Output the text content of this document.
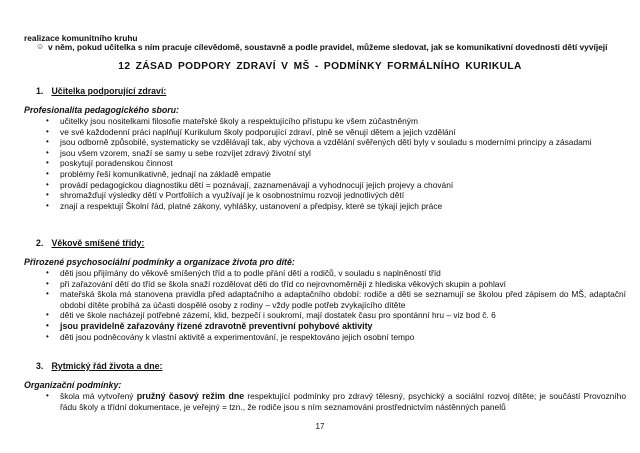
realizace komunitního kruhu
☺ v něm, pokud učitelka s ním pracuje cílevědomě, soustavně a podle pravidel, můžeme sledovat, jak se komunikativní dovednosti dětí vyvíjejí
12 ZÁSAD PODPORY ZDRAVÍ V MŠ - PODMÍNKY FORMÁLNÍHO KURIKULA
1. Učitelka podporující zdraví:
Profesionalita pedagogického sboru:
• učitelky jsou nositelkami filosofie mateřské školy a respektujícího přístupu ke všem zúčastněným
• ve své každodenní práci naplňují Kurikulum školy podporující zdraví, plně se věnují dětem a jejich vzdělání
• jsou odborně způsobilé, systematicky se vzdělávají tak, aby výchova a vzdělání svěřených dětí byly v souladu s moderními principy a zásadami
• jsou všem vzorem, snaží se samy u sebe rozvíjet zdravý životní styl
• poskytují poradenskou činnost
• problémy řeší komunikativně, jednají na základě empatie
• provádí pedagogickou diagnostiku dětí = poznávají, zaznamenávají a vyhodnocují jejich projevy a chování
• shromažďují výsledky dětí v Portfoliích a využívají je k osobnostnímu rozvoji jednotlivých dětí
• znají a respektují Školní řád, platné zákony, vyhlášky, ustanovení a předpisy, které se týkají jejich práce
2. Věkově smíšené třídy:
Přirozené psychosociální podmínky a organizace života pro dítě:
• děti jsou přijímány do věkově smíšených tříd a to podle přání dětí a rodičů, v souladu s naplněností tříd
• při zařazování dětí do tříd se škola snaží rozdělovat děti do tříd co nejrovnoměrněji z hlediska věkových skupin a pohlaví
• mateřská škola má stanovena pravidla před adaptačního a adaptačního období: rodiče a děti se seznamují se školou před zápisem do MŠ, adaptační období dítěte probíhá za účasti dospělé osoby z rodiny – vždy podle potřeb zvykajícího dítěte
• děti ve škole nacházejí potřebné zázemí, klid, bezpečí i soukromí, mají dostatek času pro spontánní hru – viz bod č. 6
• jsou pravidelně zařazovány řízené zdravotně preventivní pohybové aktivity
• děti jsou podněcovány k vlastní aktivitě a experimentování, je respektováno jejich osobní tempo
3. Rytmický řád života a dne:
Organizační podmínky:
• škola má vytvořený pružný časový režim dne respektující podmínky pro zdravý tělesný, psychický a sociální rozvoj dítěte; je součástí Provozního řádu školy a třídní dokumentace, je veřejný = tzn., že rodiče jsou s ním seznamováni prostřednictvím nástěnných panelů
17
